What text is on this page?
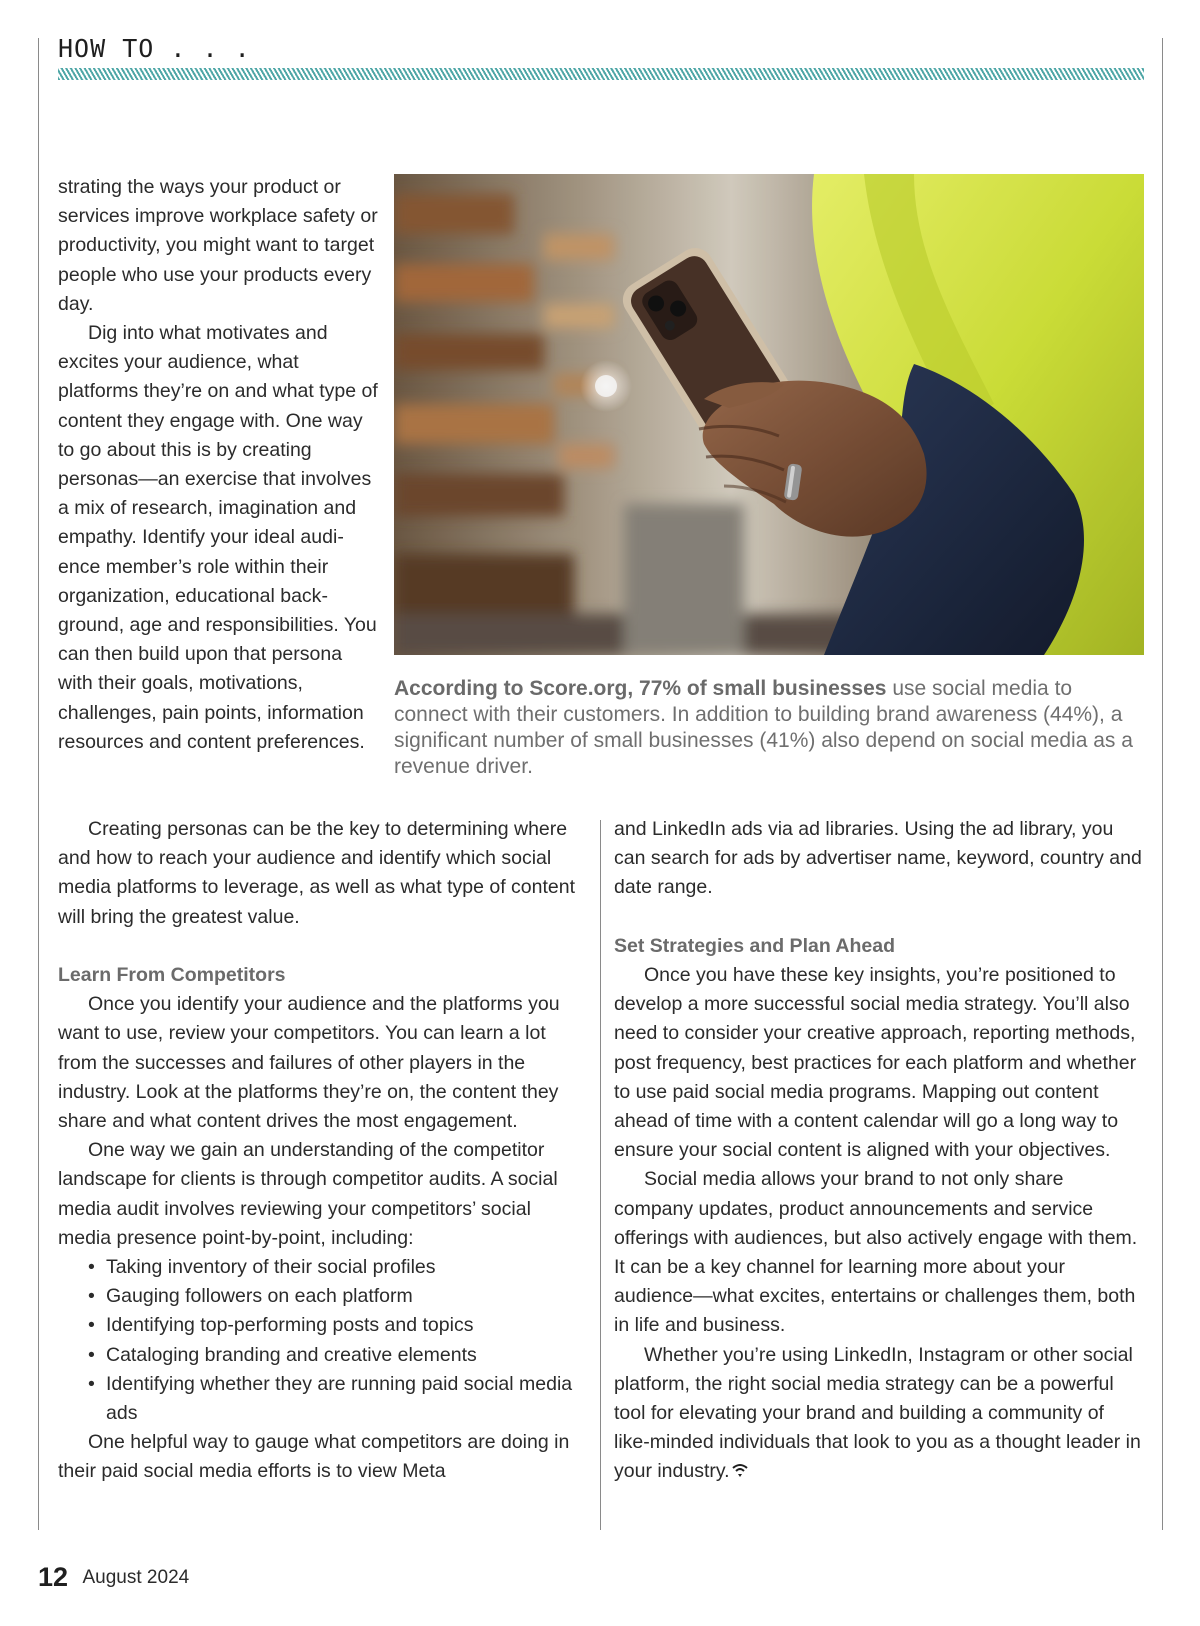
HOW TO . . .

According to Score.org, 77% of small businesses use social media to connect with their customers. In addition to building brand awareness (44%), a significant number of small businesses (41%) also depend on social media as a revenue driver.

strating the ways your product or services improve workplace safety or productivity, you might want to target people who use your products every day.

Dig into what motivates and excites your audience, what platforms they’re on and what type of content they engage with. One way to go about this is by creating personas—an exercise that involves a mix of research, imagination and empathy. Identify your ideal audience member’s role within their organization, educational background, age and responsibilities. You can then build upon that persona with their goals, motivations, challenges, pain points, information resources and content preferences.

Creating personas can be the key to determining where and how to reach your audience and identify which social media platforms to leverage, as well as what type of content will bring the greatest value.

Learn From Competitors

Once you identify your audience and the platforms you want to use, review your competitors. You can learn a lot from the successes and failures of other players in the industry. Look at the platforms they’re on, the content they share and what content drives the most engagement.

One way we gain an understanding of the competitor landscape for clients is through competitor audits. A social media audit involves reviewing your competitors’ social media presence point-by-point, including:

• Taking inventory of their social profiles
• Gauging followers on each platform
• Identifying top-performing posts and topics
• Cataloging branding and creative elements
• Identifying whether they are running paid social media ads

One helpful way to gauge what competitors are doing in their paid social media efforts is to view Meta

and LinkedIn ads via ad libraries. Using the ad library, you can search for ads by advertiser name, keyword, country and date range.

Set Strategies and Plan Ahead

Once you have these key insights, you’re positioned to develop a more successful social media strategy. You’ll also need to consider your creative approach, reporting methods, post frequency, best practices for each platform and whether to use paid social media programs. Mapping out content ahead of time with a content calendar will go a long way to ensure your social content is aligned with your objectives.

Social media allows your brand to not only share company updates, product announcements and service offerings with audiences, but also actively engage with them. It can be a key channel for learning more about your audience—what excites, entertains or challenges them, both in life and business.

Whether you’re using LinkedIn, Instagram or other social platform, the right social media strategy can be a powerful tool for elevating your brand and building a community of like-minded individuals that look to you as a thought leader in your industry.

12 August 2024
